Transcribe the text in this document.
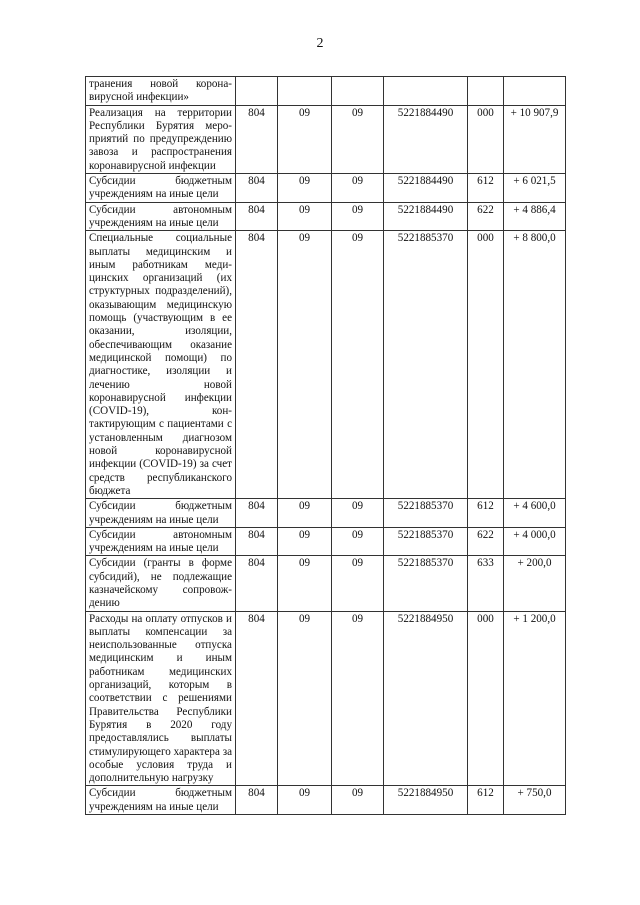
2
транения новой коронавирусной инфекции»						
Реализация на территории Республики Бурятия мероприятий по предупреждению завоза и распространения коронавирусной инфекции	804	09	09	5221884490	000	+ 10 907,9
Субсидии бюджетным учреждениям на иные цели	804	09	09	5221884490	612	+ 6 021,5
Субсидии автономным учреждениям на иные цели	804	09	09	5221884490	622	+ 4 886,4
Специальные социальные выплаты медицинским и иным работникам медицинских организаций (их структурных подразделений), оказывающим медицинскую помощь (участвующим в ее оказании, изоляции, обеспечивающим оказание медицинской помощи) по диагностике, изоляции и лечению новой коронавирусной инфекции (COVID-19), контактирующим с пациентами с установленным диагнозом новой коронавирусной инфекции (COVID-19) за счет средств республиканского бюджета	804	09	09	5221885370	000	+ 8 800,0
Субсидии бюджетным учреждениям на иные цели	804	09	09	5221885370	612	+ 4 600,0
Субсидии автономным учреждениям на иные цели	804	09	09	5221885370	622	+ 4 000,0
Субсидии (гранты в форме субсидий), не подлежащие казначейскому сопровождению	804	09	09	5221885370	633	+ 200,0
Расходы на оплату отпусков и выплаты компенсации за неиспользованные отпуска медицинским и иным работникам медицинских организаций, которым в соответствии с решениями Правительства Республики Бурятия в 2020 году предоставлялись выплаты стимулирующего характера за особые условия труда и дополнительную нагрузку	804	09	09	5221884950	000	+ 1 200,0
Субсидии бюджетным учреждениям на иные цели	804	09	09	5221884950	612	+ 750,0
